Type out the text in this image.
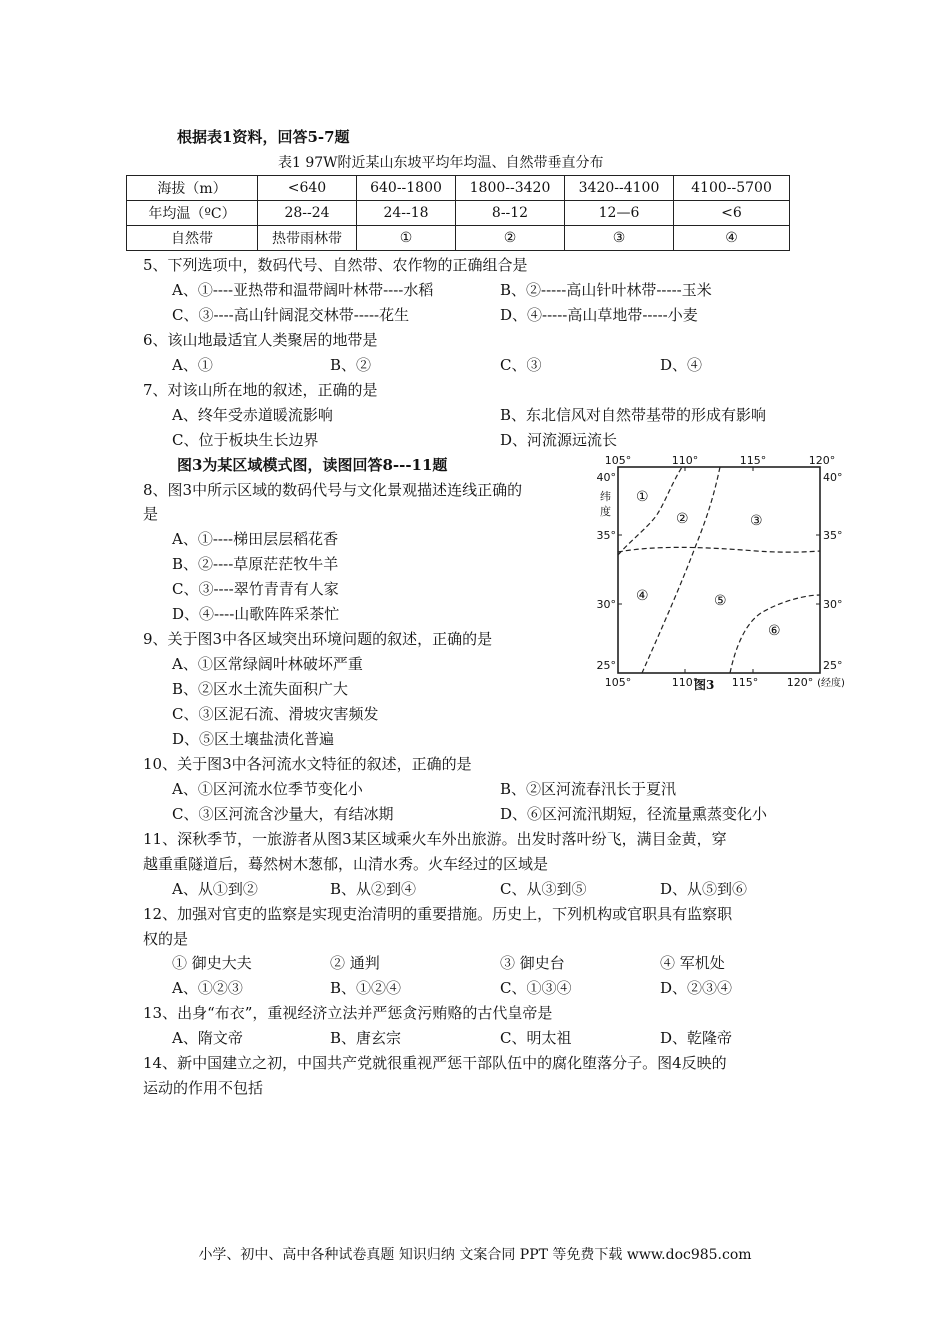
根据表1资料，回答5-7题
表1 97W附近某山东坡平均年均温、自然带垂直分布
海拔（m）	<640	640--1800	1800--3420	3420--4100	4100--5700
年均温（ºC）	28--24	24--18	8--12	12—6	<6
自然带	热带雨林带	①	②	③	④
5、下列选项中，数码代号、自然带、农作物的正确组合是
A、①----亚热带和温带阔叶林带----水稻	B、②-----高山针叶林带-----玉米
C、③----高山针阔混交林带-----花生	D、④-----高山草地带-----小麦
6、该山地最适宜人类聚居的地带是
A、①	B、②	C、③	D、④
7、对该山所在地的叙述，正确的是
A、终年受赤道暖流影响	B、东北信风对自然带基带的形成有影响
C、位于板块生长边界	D、河流源远流长
图3为某区域模式图，读图回答8---11题
8、图3中所示区域的数码代号与文化景观描述连线正确的
是
A、①----梯田层层稻花香
B、②----草原茫茫牧牛羊
C、③----翠竹青青有人家
D、④----山歌阵阵采茶忙
9、关于图3中各区域突出环境问题的叙述，正确的是
A、①区常绿阔叶林破坏严重
B、②区水土流失面积广大
C、③区泥石流、滑坡灾害频发
D、⑤区土壤盐渍化普遍
10、关于图3中各河流水文特征的叙述，正确的是
A、①区河流水位季节变化小	B、②区河流春汛长于夏汛
C、③区河流含沙量大，有结冰期	D、⑥区河流汛期短，径流量熏蒸变化小
11、深秋季节，一旅游者从图3某区域乘火车外出旅游。出发时落叶纷飞，满目金黄，穿
越重重隧道后，蓦然树木葱郁，山清水秀。火车经过的区域是
A、从①到②	B、从②到④	C、从③到⑤	D、从⑤到⑥
12、加强对官吏的监察是实现吏治清明的重要措施。历史上，下列机构或官职具有监察职
权的是
① 御史大夫	② 通判	③ 御史台	④ 军机处
A、①②③	B、①②④	C、①③④	D、②③④
13、出身“布衣”，重视经济立法并严惩贪污贿赂的古代皇帝是
A、隋文帝	B、唐玄宗	C、明太祖	D、乾隆帝
14、新中国建立之初，中国共产党就很重视严惩干部队伍中的腐化堕落分子。图4反映的
运动的作用不包括
105°	110°	115°	120°
105°	110°	115°	120° (经度)
40°
35°
30°
25°
40°
35°
30°
25°
纬
度
①
②	③
④	⑤
⑥
图3
小学、初中、高中各种试卷真题 知识归纳 文案合同 PPT 等免费下载 www.doc985.com
